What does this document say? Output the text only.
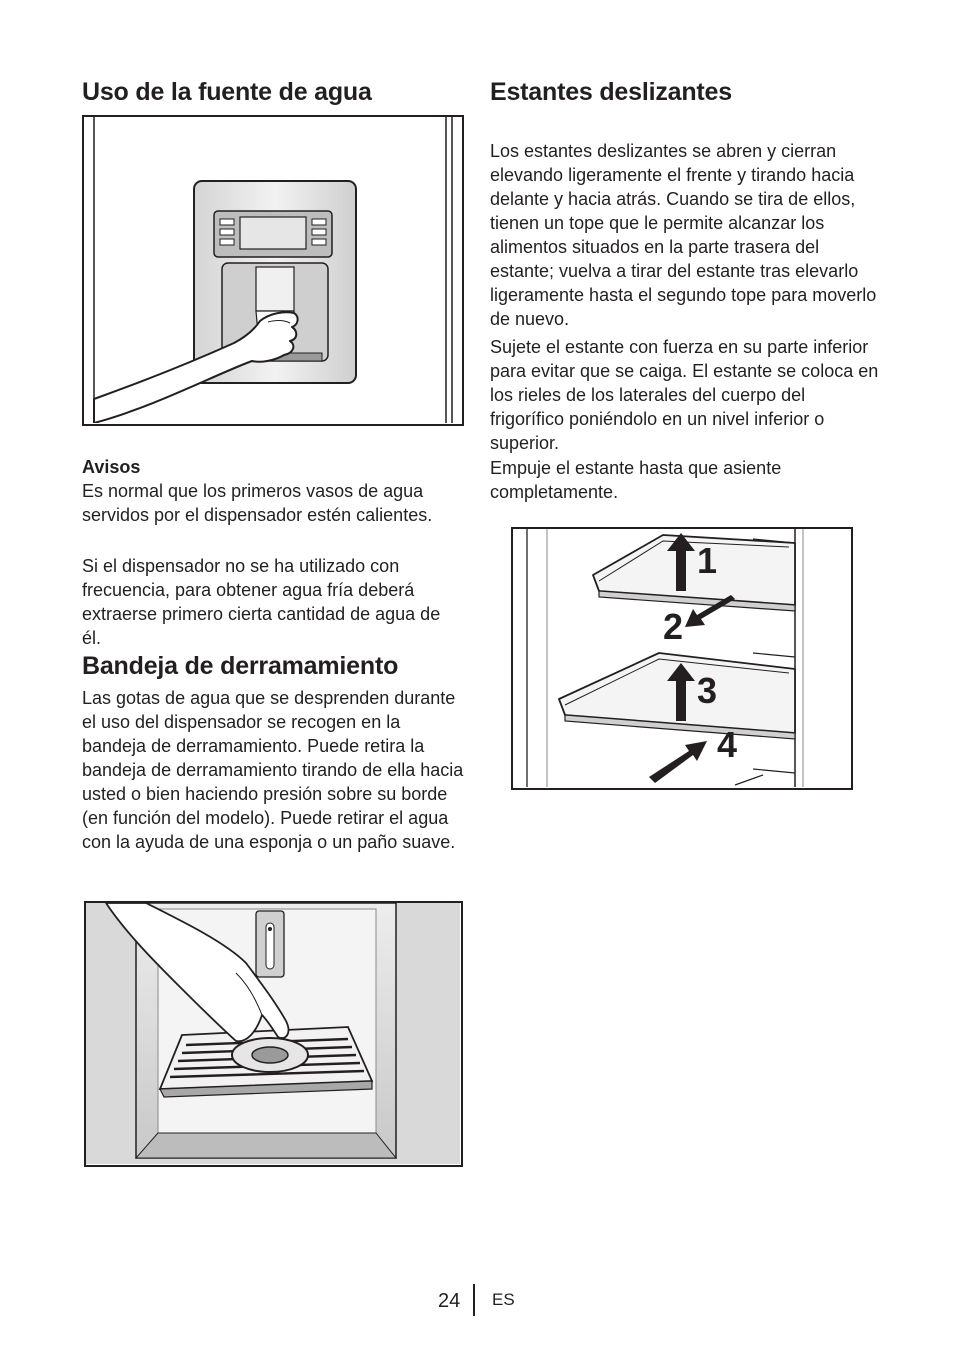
Uso de la fuente de agua
Avisos

Es normal que los primeros vasos de agua servidos por el dispensador estén calientes.

Si el dispensador no se ha utilizado con frecuencia, para obtener agua fría deberá extraerse primero cierta cantidad de agua de él.

Bandeja de derramamiento

Las gotas de agua que se desprenden durante el uso del dispensador se recogen en la bandeja de derramamiento. Puede retira la bandeja de derramamiento tirando de ella hacia usted o bien haciendo presión sobre su borde (en función del modelo). Puede retirar el agua con la ayuda de una esponja o un paño suave.

Estantes deslizantes

Los estantes deslizantes se abren y cierran elevando ligeramente el frente y tirando hacia delante y hacia atrás. Cuando se tira de ellos, tienen un tope que le permite alcanzar los alimentos situados en la parte trasera del estante; vuelva a tirar del estante tras elevarlo ligeramente hasta el segundo tope para moverlo de nuevo.

Sujete el estante con fuerza en su parte inferior para evitar que se caiga. El estante se coloca en los rieles de los laterales del cuerpo del frigorífico poniéndolo en un nivel inferior o superior.

Empuje el estante hasta que asiente completamente.

1
2
3
4
24 ES
